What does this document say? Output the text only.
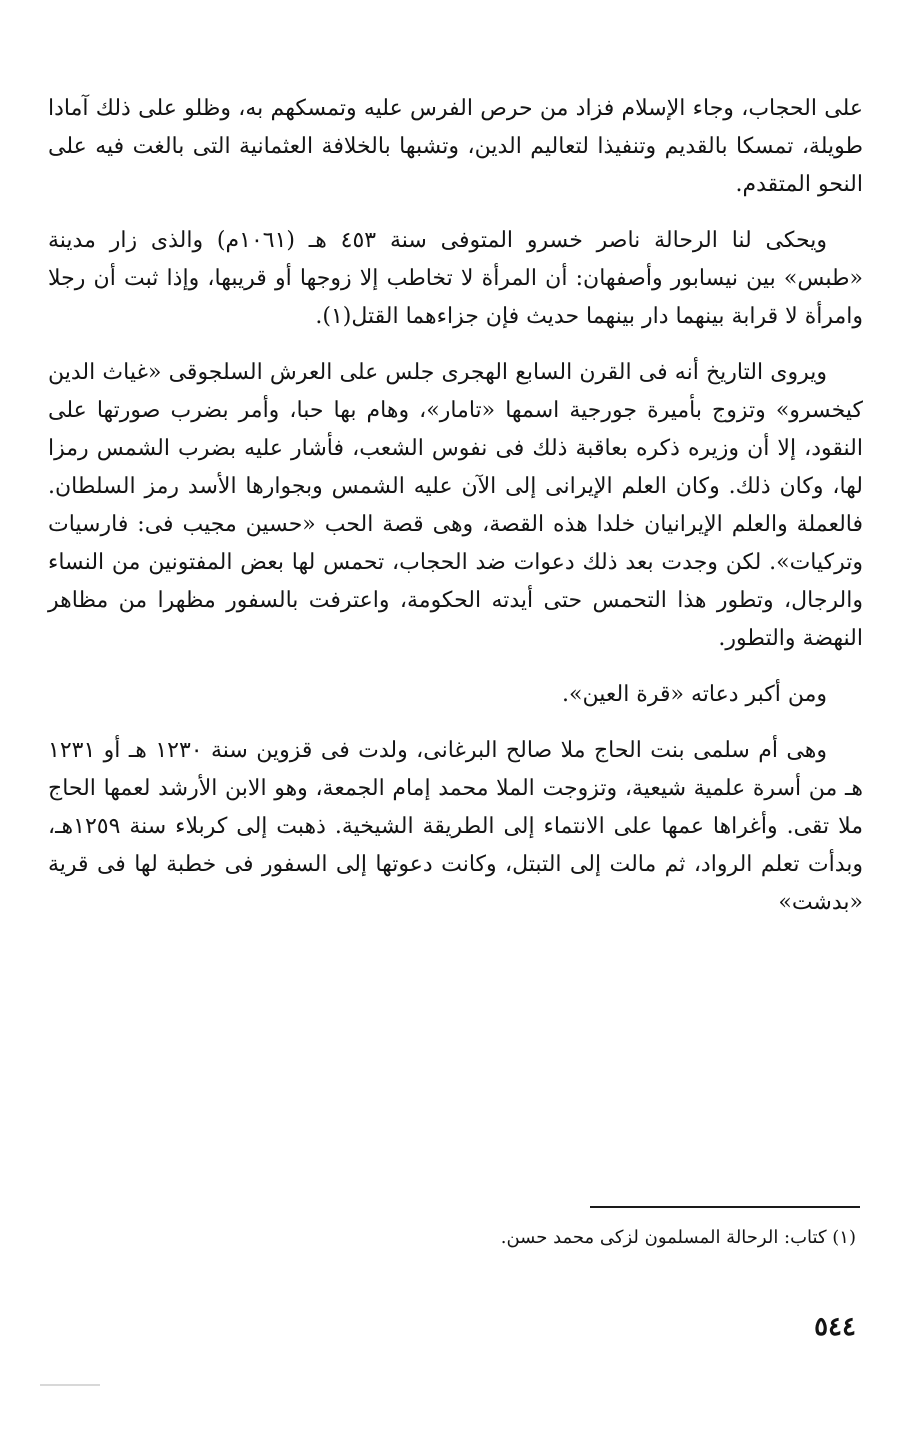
على الحجاب، وجاء الإسلام فزاد من حرص الفرس عليه وتمسكهم به، وظلو على ذلك آمادا طويلة، تمسكا بالقديم وتنفيذا لتعاليم الدين، وتشبها بالخلافة العثمانية التى بالغت فيه على النحو المتقدم.

ويحكى لنا الرحالة ناصر خسرو المتوفى سنة ٤٥٣ هـ (١٠٦١م) والذى زار مدينة «طبس» بين نيسابور وأصفهان: أن المرأة لا تخاطب إلا زوجها أو قريبها، وإذا ثبت أن رجلا وامرأة لا قرابة بينهما دار بينهما حديث فإن جزاءهما القتل(١).

ويروى التاريخ أنه فى القرن السابع الهجرى جلس على العرش السلجوقى «غياث الدين كيخسرو» وتزوج بأميرة جورجية اسمها «تامار»، وهام بها حبا، وأمر بضرب صورتها على النقود، إلا أن وزيره ذكره بعاقبة ذلك فى نفوس الشعب، فأشار عليه بضرب الشمس رمزا لها، وكان ذلك. وكان العلم الإيرانى إلى الآن عليه الشمس وبجوارها الأسد رمز السلطان. فالعملة والعلم الإيرانيان خلدا هذه القصة، وهى قصة الحب «حسين مجيب فى: فارسيات وتركيات». لكن وجدت بعد ذلك دعوات ضد الحجاب، تحمس لها بعض المفتونين من النساء والرجال، وتطور هذا التحمس حتى أيدته الحكومة، واعترفت بالسفور مظهرا من مظاهر النهضة والتطور.

ومن أكبر دعاته «قرة العين».

وهى أم سلمى بنت الحاج ملا صالح البرغانى، ولدت فى قزوين سنة ١٢٣٠ هـ أو ١٢٣١ هـ من أسرة علمية شيعية، وتزوجت الملا محمد إمام الجمعة، وهو الابن الأرشد لعمها الحاج ملا تقى. وأغراها عمها على الانتماء إلى الطريقة الشيخية. ذهبت إلى كربلاء سنة ١٢٥٩هـ، وبدأت تعلم الرواد، ثم مالت إلى التبتل، وكانت دعوتها إلى السفور فى خطبة لها فى قرية «بدشت»

(١) كتاب: الرحالة المسلمون لزكى محمد حسن.
٥٤٤
